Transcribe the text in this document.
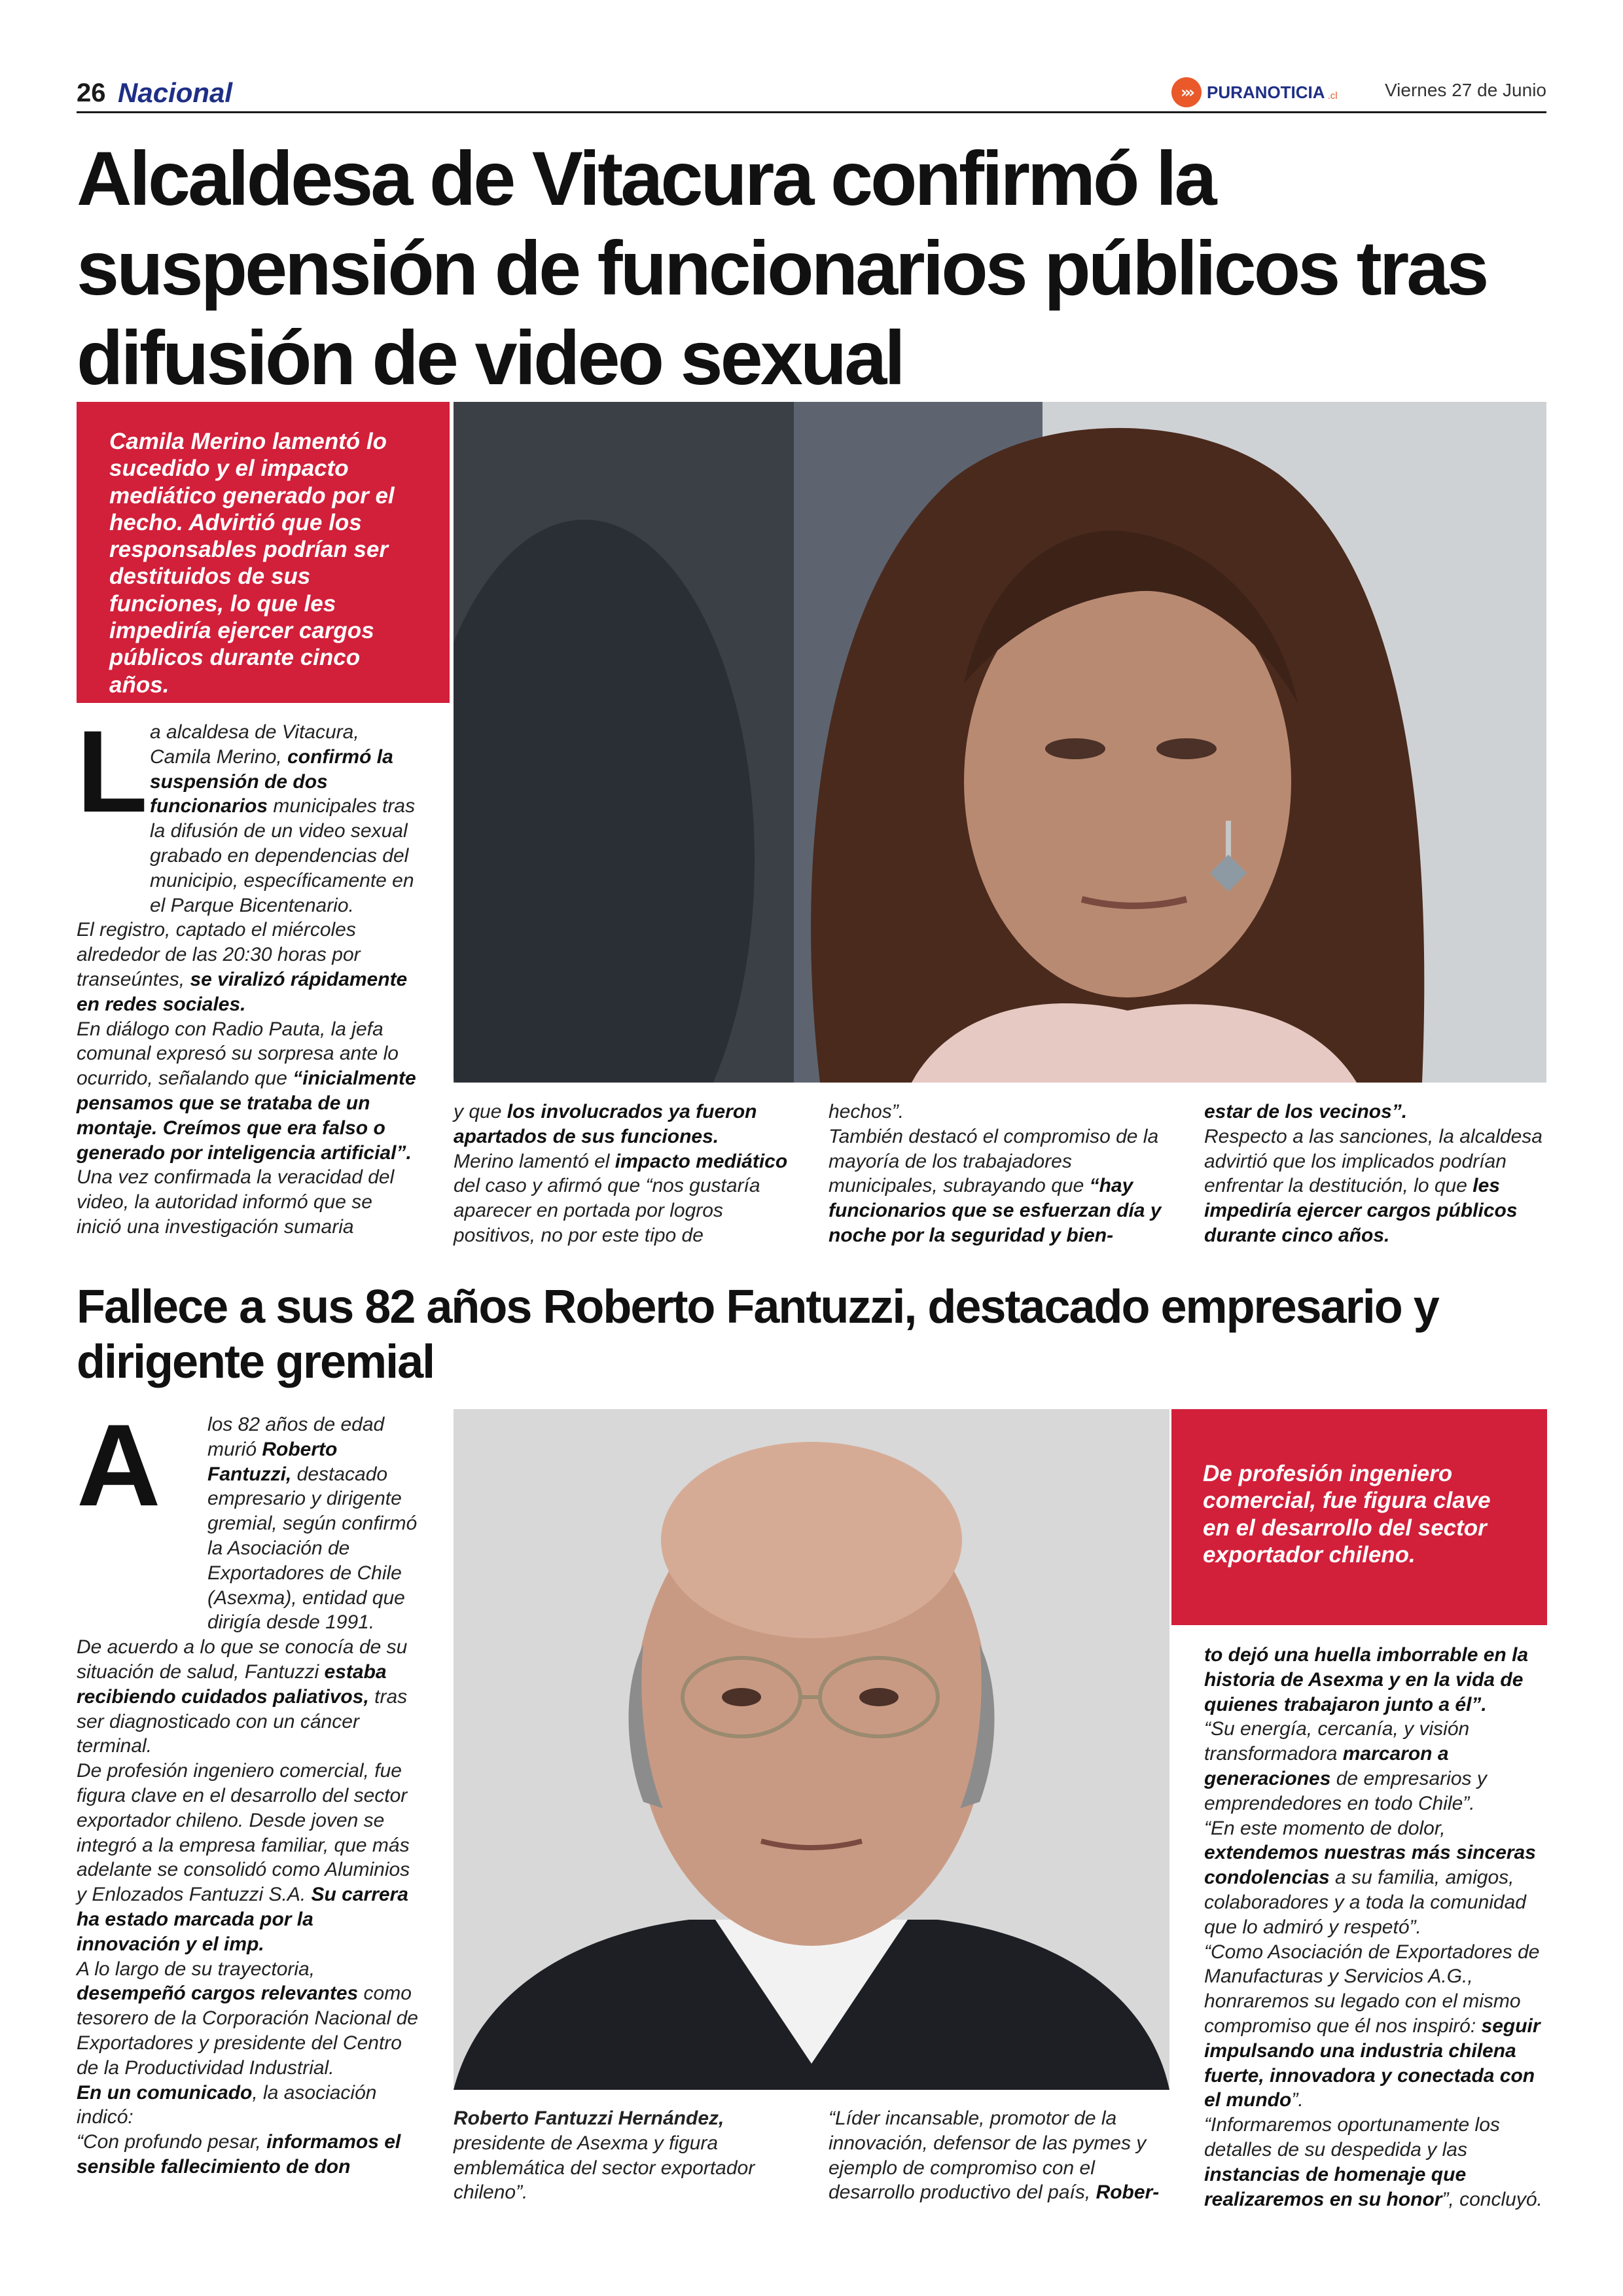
26 Nacional	››› PURANOTICIA .cl	Viernes 27 de Junio
Alcaldesa de Vitacura confirmó la suspensión de funcionarios públicos tras difusión de video sexual
Camila Merino lamentó lo sucedido y el impacto mediático generado por el hecho. Advirtió que los responsables podrían ser destituidos de sus funciones, lo que les impediría ejercer cargos públicos durante cinco años.
L a alcaldesa de Vitacura, Camila Merino, confirmó la suspensión de dos funcionarios municipales tras la difusión de un video sexual grabado en dependencias del municipio, específicamente en el Parque Bicentenario.

El registro, captado el miércoles alrededor de las 20:30 horas por transeúntes, se viralizó rápidamente en redes sociales.

En diálogo con Radio Pauta, la jefa comunal expresó su sorpresa ante lo ocurrido, señalando que “inicialmente pensamos que se trataba de un montaje. Creímos que era falso o generado por inteligencia artificial”.

Una vez confirmada la veracidad del video, la autoridad informó que se inició una investigación sumaria

y que los involucrados ya fueron apartados de sus funciones.

Merino lamentó el impacto mediático del caso y afirmó que “nos gustaría aparecer en portada por logros positivos, no por este tipo de

hechos”.

También destacó el compromiso de la mayoría de los trabajadores municipales, subrayando que “hay funcionarios que se esfuerzan día y noche por la seguridad y bien-

estar de los vecinos”.

Respecto a las sanciones, la alcaldesa advirtió que los implicados podrían enfrentar la destitución, lo que les impediría ejercer cargos públicos durante cinco años.

Fallece a sus 82 años Roberto Fantuzzi, destacado empresario y dirigente gremial
De profesión ingeniero comercial, fue figura clave en el desarrollo del sector exportador chileno.
A	los 82 años de edad murió Roberto Fantuzzi, destacado empresario y dirigente gremial, según confirmó la Asociación de Exportadores de Chile (Asexma), entidad que dirigía desde 1991.

De acuerdo a lo que se conocía de su situación de salud, Fantuzzi estaba recibiendo cuidados paliativos, tras ser diagnosticado con un cáncer terminal.

De profesión ingeniero comercial, fue figura clave en el desarrollo del sector exportador chileno. Desde joven se integró a la empresa familiar, que más adelante se consolidó como Aluminios y Enlozados Fantuzzi S.A. Su carrera ha estado marcada por la innovación y el imp.

A lo largo de su trayectoria, desempeñó cargos relevantes como tesorero de la Corporación Nacional de Exportadores y presidente del Centro de la Productividad Industrial.

En un comunicado, la asociación indicó:

“Con profundo pesar, informamos el sensible fallecimiento de don

Roberto Fantuzzi Hernández, presidente de Asexma y figura emblemática del sector exportador chileno”.

“Líder incansable, promotor de la innovación, defensor de las pymes y ejemplo de compromiso con el desarrollo productivo del país, Rober-

to dejó una huella imborrable en la historia de Asexma y en la vida de quienes trabajaron junto a él”.

“Su energía, cercanía, y visión transformadora marcaron a generaciones de empresarios y emprendedores en todo Chile”.

“En este momento de dolor, extendemos nuestras más sinceras condolencias a su familia, amigos, colaboradores y a toda la comunidad que lo admiró y respetó”.

“Como Asociación de Exportadores de Manufacturas y Servicios A.G., honraremos su legado con el mismo compromiso que él nos inspiró: seguir impulsando una industria chilena fuerte, innovadora y conectada con el mundo”.

“Informaremos oportunamente los detalles de su despedida y las instancias de homenaje que realizaremos en su honor”, concluyó.
